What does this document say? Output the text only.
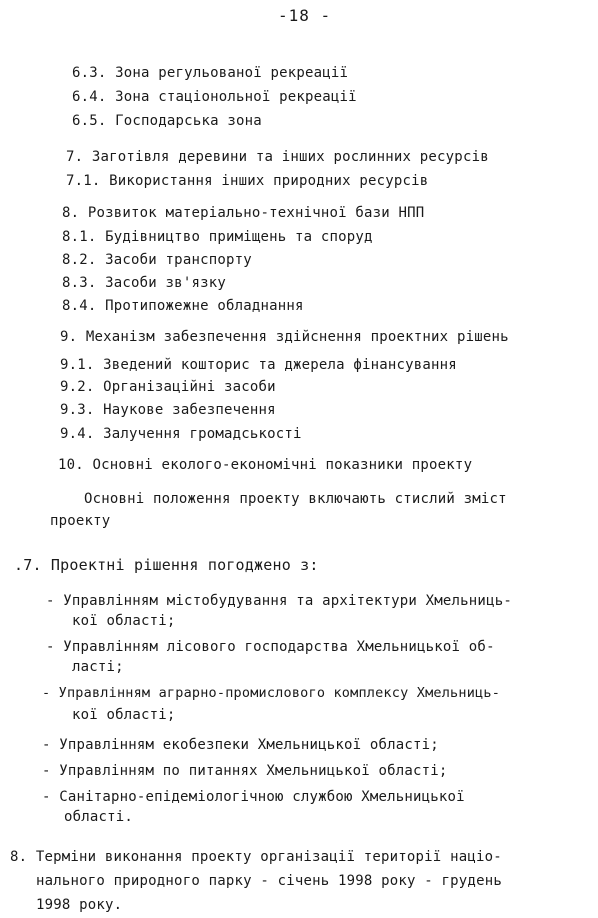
-18 -
6.3. Зона регульованої рекреації
6.4. Зона стаціонольної рекреації
6.5. Господарська зона
7. Заготівля деревини та інших рослинних ресурсів
7.1. Використання інших природних ресурсів
8. Розвиток матеріально-технічної бази НПП
8.1. Будівництво приміщень та споруд
8.2. Засоби транспорту
8.3. Засоби зв'язку
8.4. Протипожежне обладнання
9. Механізм забезпечення здійснення проектних рішень
9.1. Зведений кошторис та джерела фінансування
9.2. Організаційні засоби
9.3. Наукове забезпечення
9.4. Залучення громадськості
10. Основні еколого-економічні показники проекту
Основні положення проекту включають стислий зміст
проекту
.7. Проектні рішення погоджено з:
- Управлінням містобудування та архітектури Хмельниць-
кої області;
- Управлінням лісового господарства Хмельницької об-
ласті;
- Управлінням аграрно-промислового комплексу Хмельниць-
кої області;
- Управлінням екобезпеки Хмельницької області;
- Управлінням по питаннях Хмельницької області;
- Санітарно-епідеміологічною службою Хмельницької
області.
8. Терміни виконання проекту організації території націо-
нального природного парку - січень 1998 року - грудень
1998 року.
